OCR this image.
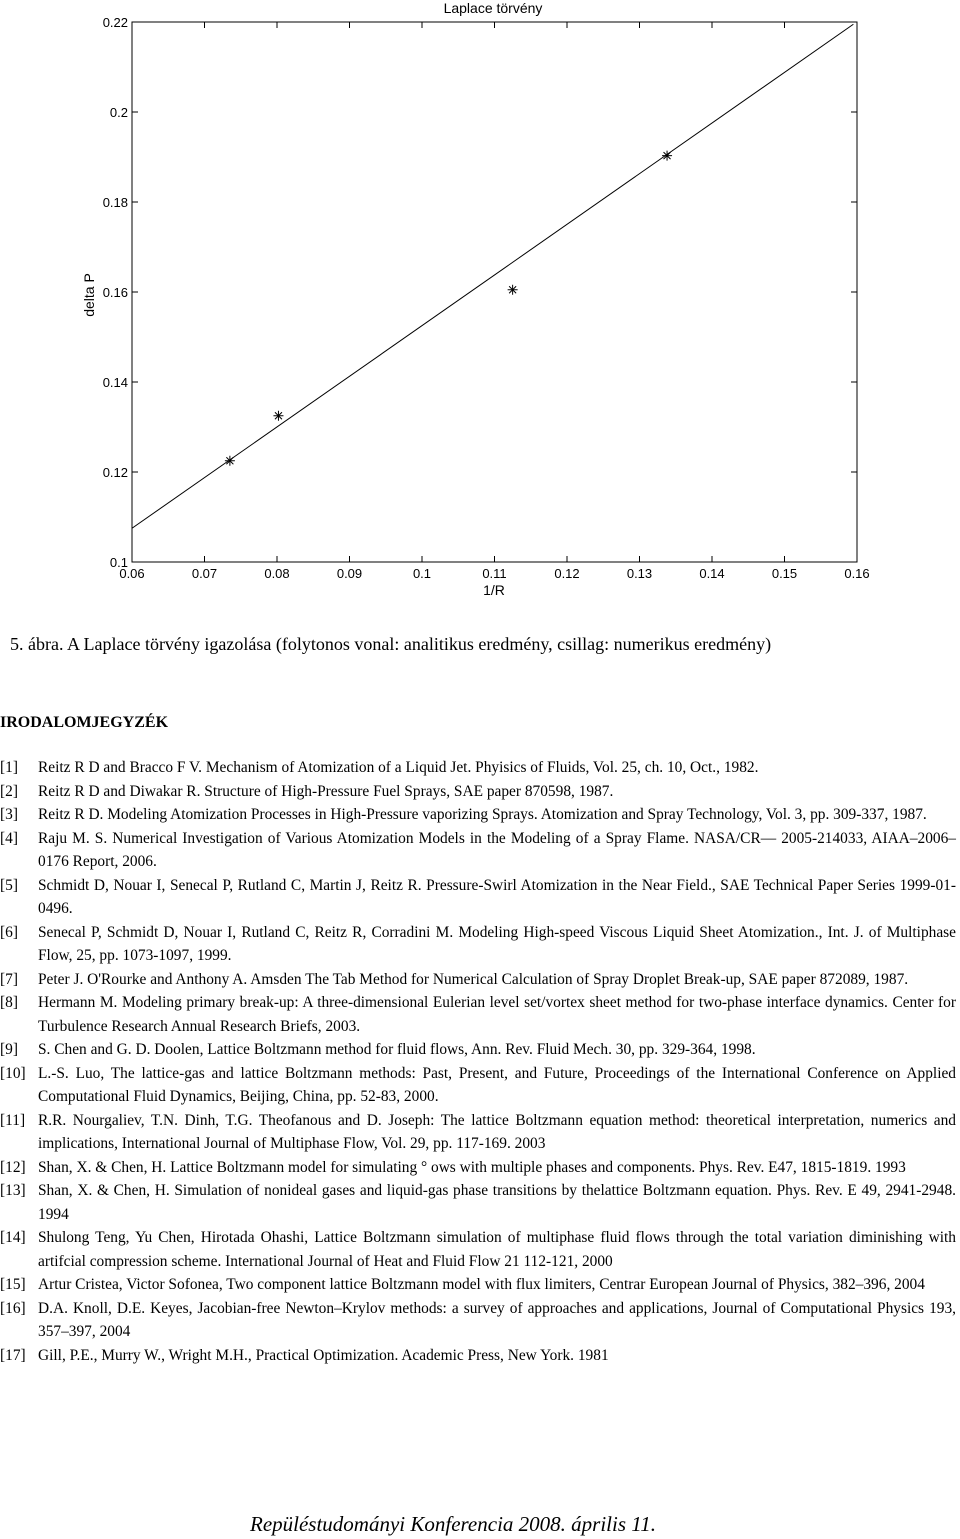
Laplace törvény
0.06	0.07	0.08	0.09	0.1	0.11	0.12	0.13	0.14	0.15	0.16
0.1
0.12
0.14
0.16
0.18
0.2
0.22
1/R
delta P
5. ábra. A Laplace törvény igazolása (folytonos vonal: analitikus eredmény, csillag: numerikus eredmény)
IRODALOMJEGYZÉK
[1]	Reitz R D and Bracco F V. Mechanism of Atomization of a Liquid Jet. Phyisics of Fluids, Vol. 25, ch. 10, Oct., 1982.
[2]	Reitz R D and Diwakar R. Structure of High-Pressure Fuel Sprays, SAE paper 870598, 1987.
[3]	Reitz R D. Modeling Atomization Processes in High-Pressure vaporizing Sprays. Atomization and Spray Technology, Vol. 3, pp. 309-337, 1987.
[4]	Raju M. S. Numerical Investigation of Various Atomization Models in the Modeling of a Spray Flame. NASA/CR— 2005-214033, AIAA–2006–0176 Report, 2006.
[5]	Schmidt D, Nouar I, Senecal P, Rutland C, Martin J, Reitz R. Pressure-Swirl Atomization in the Near Field., SAE Technical Paper Series 1999-01-0496.
[6]	Senecal P, Schmidt D, Nouar I, Rutland C, Reitz R, Corradini M. Modeling High-speed Viscous Liquid Sheet Atomization., Int. J. of Multiphase Flow, 25, pp. 1073-1097, 1999.
[7]	Peter J. O'Rourke and Anthony A. Amsden The Tab Method for Numerical Calculation of Spray Droplet Break-up, SAE paper 872089, 1987.
[8]	Hermann M. Modeling primary break-up: A three-dimensional Eulerian level set/vortex sheet method for two-phase interface dynamics. Center for Turbulence Research Annual Research Briefs, 2003.
[9]	S. Chen and G. D. Doolen, Lattice Boltzmann method for fluid flows, Ann. Rev. Fluid Mech. 30, pp. 329-364, 1998.
[10] L.-S. Luo, The lattice-gas and lattice Boltzmann methods: Past, Present, and Future, Proceedings of the International Conference on Applied Computational Fluid Dynamics, Beijing, China, pp. 52-83, 2000.
[11] R.R. Nourgaliev, T.N. Dinh, T.G. Theofanous and D. Joseph: The lattice Boltzmann equation method: theoretical interpretation, numerics and implications, International Journal of Multiphase Flow, Vol. 29, pp. 117-169. 2003
[12] Shan, X. & Chen, H. Lattice Boltzmann model for simulating ° ows with multiple phases and components. Phys. Rev. E47, 1815-1819. 1993
[13] Shan, X. & Chen, H. Simulation of nonideal gases and liquid-gas phase transitions by thelattice Boltzmann equation. Phys. Rev. E 49, 2941-2948. 1994
[14] Shulong Teng, Yu Chen, Hirotada Ohashi, Lattice Boltzmann simulation of multiphase fluid flows through the total variation diminishing with artifcial compression scheme. International Journal of Heat and Fluid Flow 21 112-121, 2000
[15] Artur Cristea, Victor Sofonea, Two component lattice Boltzmann model with flux limiters, Centrar European Journal of Physics, 382–396, 2004
[16] D.A. Knoll, D.E. Keyes, Jacobian-free Newton–Krylov methods: a survey of approaches and applications, Journal of Computational Physics 193, 357–397, 2004
[17] Gill, P.E., Murry W., Wright M.H., Practical Optimization. Academic Press, New York. 1981
Repüléstudományi Konferencia 2008. április 11.
